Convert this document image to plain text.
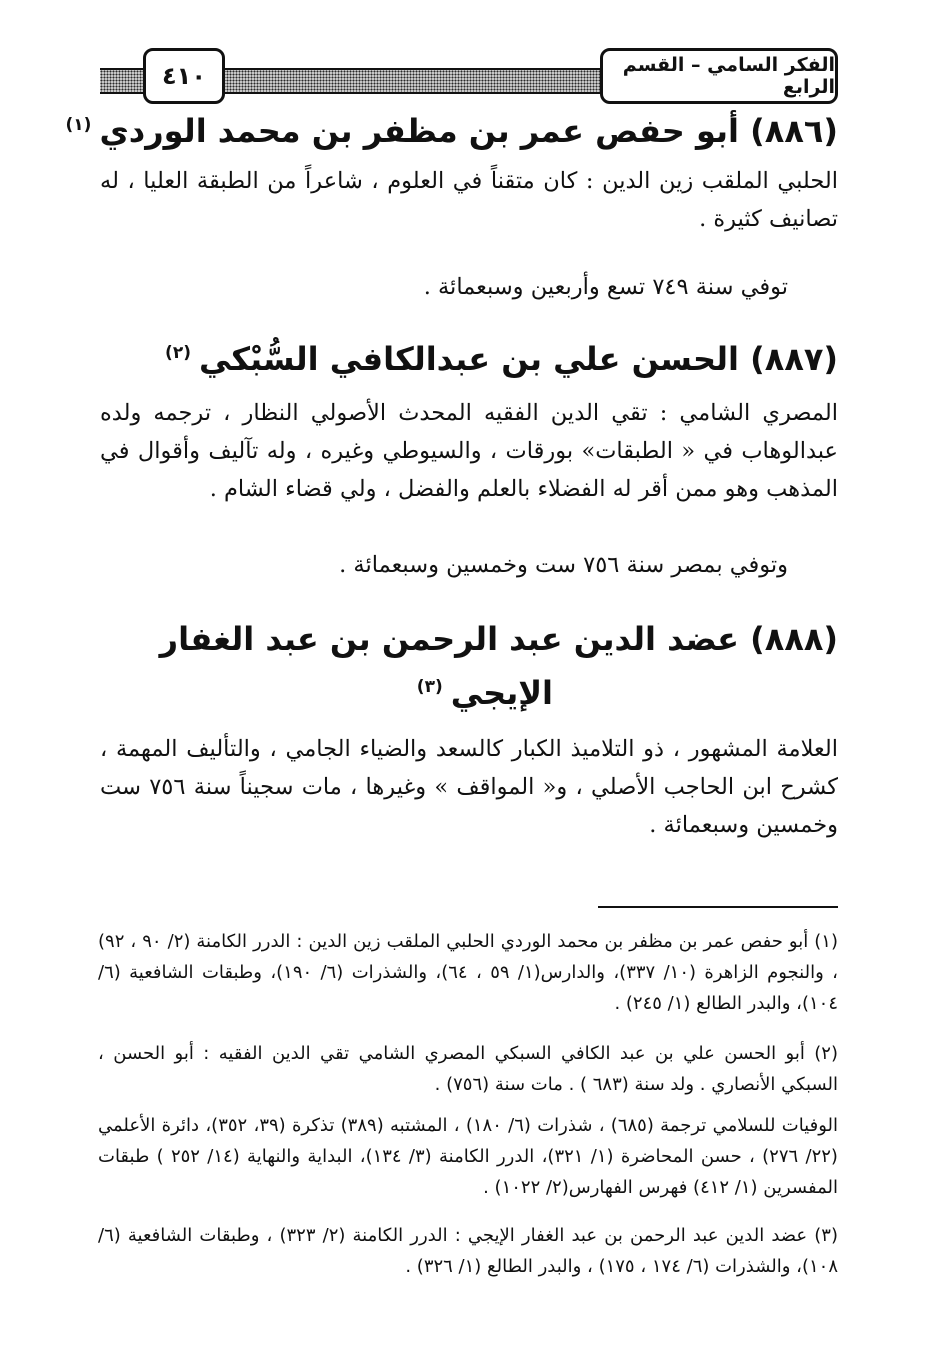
الفكر السامي – القسم الرابع
٤١٠
(٨٨٦) أبو حفص عمر بن مظفر بن محمد الوردي$^{(١)}$
الحلبي الملقب زين الدين : كان متقناً في العلوم ، شاعراً من الطبقة العليا ، له تصانيف كثيرة .
توفي سنة ٧٤٩ تسع وأربعين وسبعمائة .
(٨٨٧) الحسن علي بن عبدالكافي السُّبْكي$^{(٢)}$
المصري الشامي : تقي الدين الفقيه المحدث الأصولي النظار ، ترجمه ولده عبدالوهاب في « الطبقات» بورقات ، والسيوطي وغيره ، وله تآليف وأقوال في المذهب وهو ممن أقر له الفضلاء بالعلم والفضل ، ولي قضاء الشام .
وتوفي بمصر سنة ٧٥٦ ست وخمسين وسبعمائة .
(٨٨٨) عضد الدين عبد الرحمن بن عبد الغفار
الإيجي$^{(٣)}$
العلامة المشهور ، ذو التلاميذ الكبار كالسعد والضياء الجامي ، والتأليف المهمة ، كشرح ابن الحاجب الأصلي ، و« المواقف » وغيرها ، مات سجيناً سنة ٧٥٦ ست وخمسين وسبعمائة .
(١) أبو حفص عمر بن مظفر بن محمد الوردي الحلبي الملقب زين الدين : الدرر الكامنة (٢/ ٩٠ ، ٩٢) ، والنجوم الزاهرة (١٠/ ٣٣٧)، والدارس(١/ ٥٩ ، ٦٤)، والشذرات (٦/ ١٩٠)، وطبقات الشافعية (٦/ ١٠٤)، والبدر الطالع (١/ ٢٤٥) .
(٢) أبو الحسن علي بن عبد الكافي السبكي المصري الشامي تقي الدين الفقيه : أبو الحسن ، السبكي الأنصاري . ولد سنة (٦٨٣ ) . مات سنة (٧٥٦) .
الوفيات للسلامي ترجمة (٦٨٥) ، شذرات (٦/ ١٨٠) ، المشتبه (٣٨٩) تذكرة (٣٩، ٣٥٢)، دائرة الأعلمي (٢٢/ ٢٧٦) ، حسن المحاضرة (١/ ٣٢١)، الدرر الكامنة (٣/ ١٣٤)، البداية والنهاية (١٤/ ٢٥٢ ) طبقات المفسرين (١/ ٤١٢) فهرس الفهارس(٢/ ١٠٢٢) .
(٣) عضد الدين عبد الرحمن بن عبد الغفار الإيجي : الدرر الكامنة (٢/ ٣٢٣) ، وطبقات الشافعية (٦/ ١٠٨)، والشذرات (٦/ ١٧٤ ، ١٧٥) ، والبدر الطالع (١/ ٣٢٦) .
